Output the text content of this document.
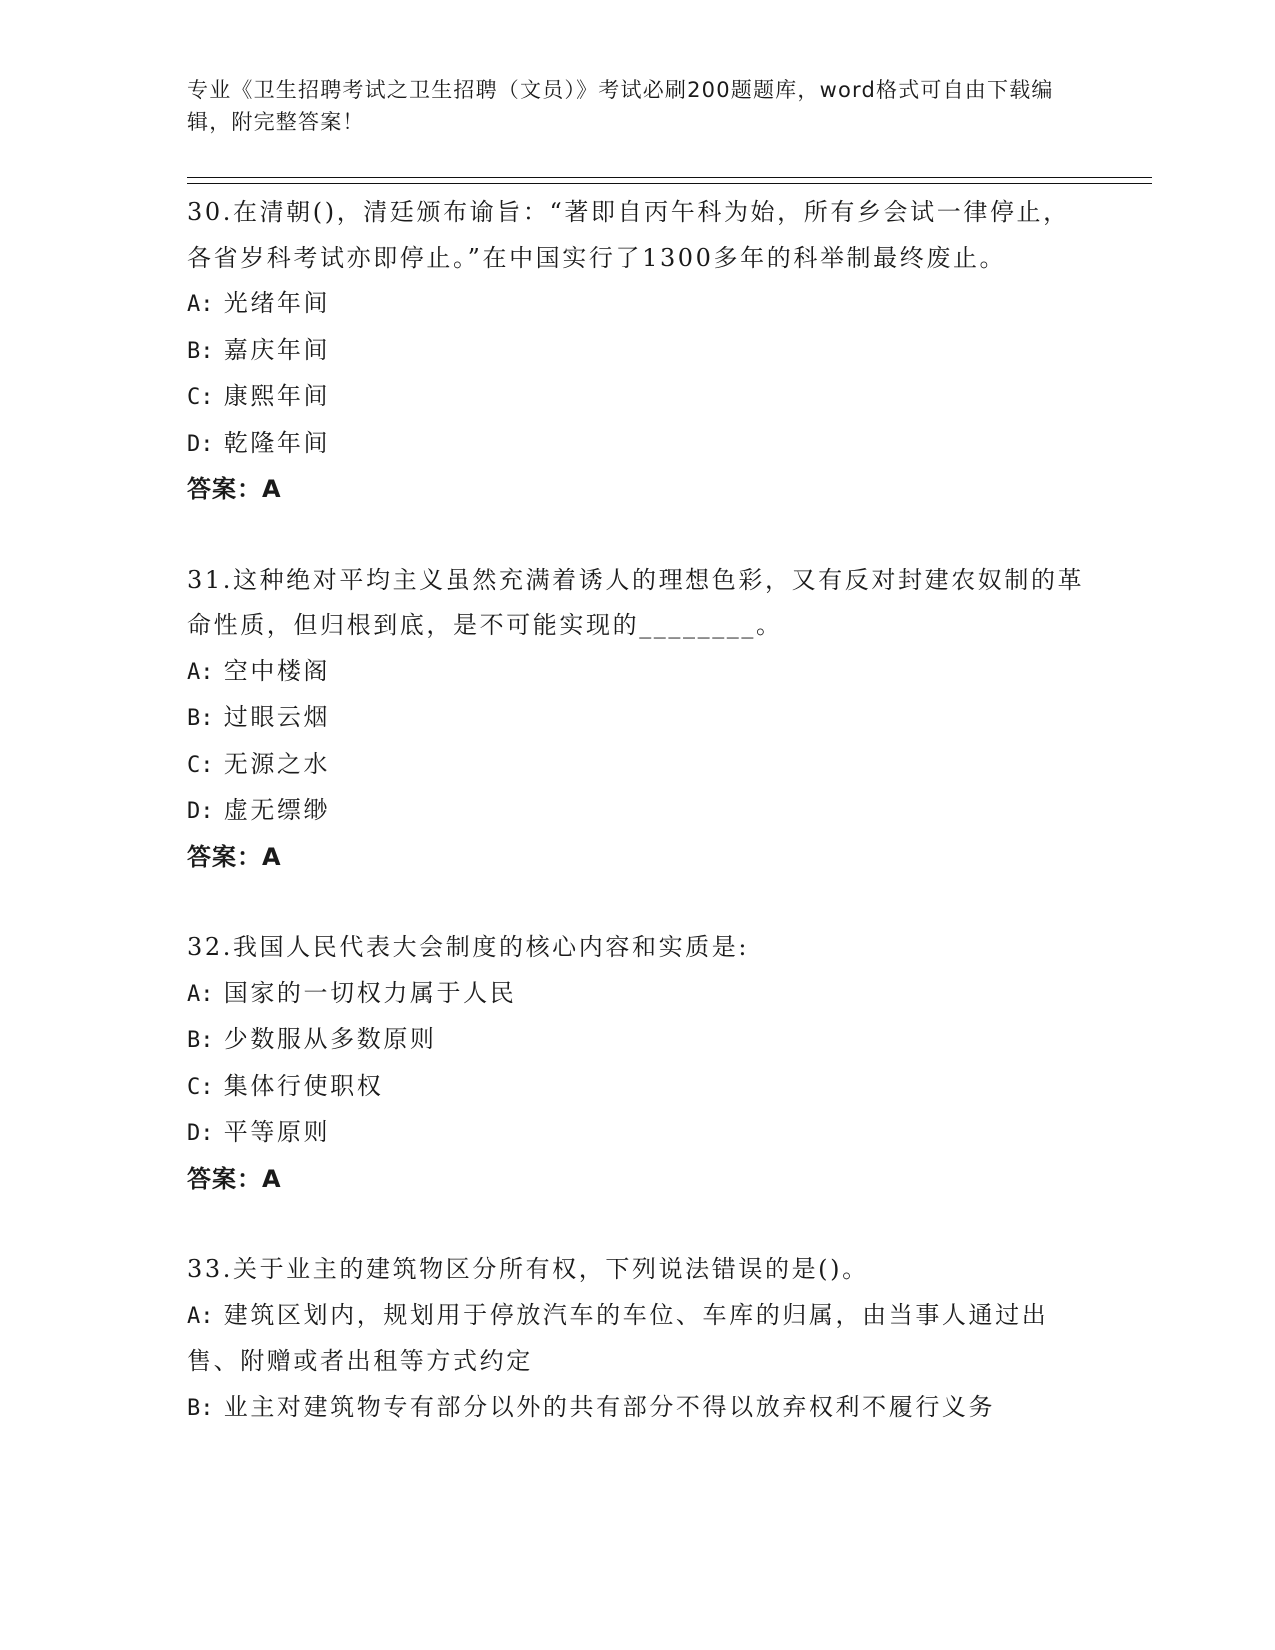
专业《卫生招聘考试之卫生招聘（文员）》考试必刷200题题库，word格式可自由下载编辑，附完整答案！

30.在清朝()，清廷颁布谕旨：“著即自丙午科为始，所有乡会试一律停止，各省岁科考试亦即停止。”在中国实行了1300多年的科举制最终废止。

A: 光绪年间

B: 嘉庆年间

C: 康熙年间

D: 乾隆年间

答案：A

31.这种绝对平均主义虽然充满着诱人的理想色彩，又有反对封建农奴制的革命性质，但归根到底，是不可能实现的________。

A: 空中楼阁

B: 过眼云烟

C: 无源之水

D: 虚无缥缈

答案：A

32.我国人民代表大会制度的核心内容和实质是:

A: 国家的一切权力属于人民

B: 少数服从多数原则

C: 集体行使职权

D: 平等原则

答案：A

33.关于业主的建筑物区分所有权，下列说法错误的是()。

A: 建筑区划内，规划用于停放汽车的车位、车库的归属，由当事人通过出售、附赠或者出租等方式约定

B: 业主对建筑物专有部分以外的共有部分不得以放弃权利不履行义务
